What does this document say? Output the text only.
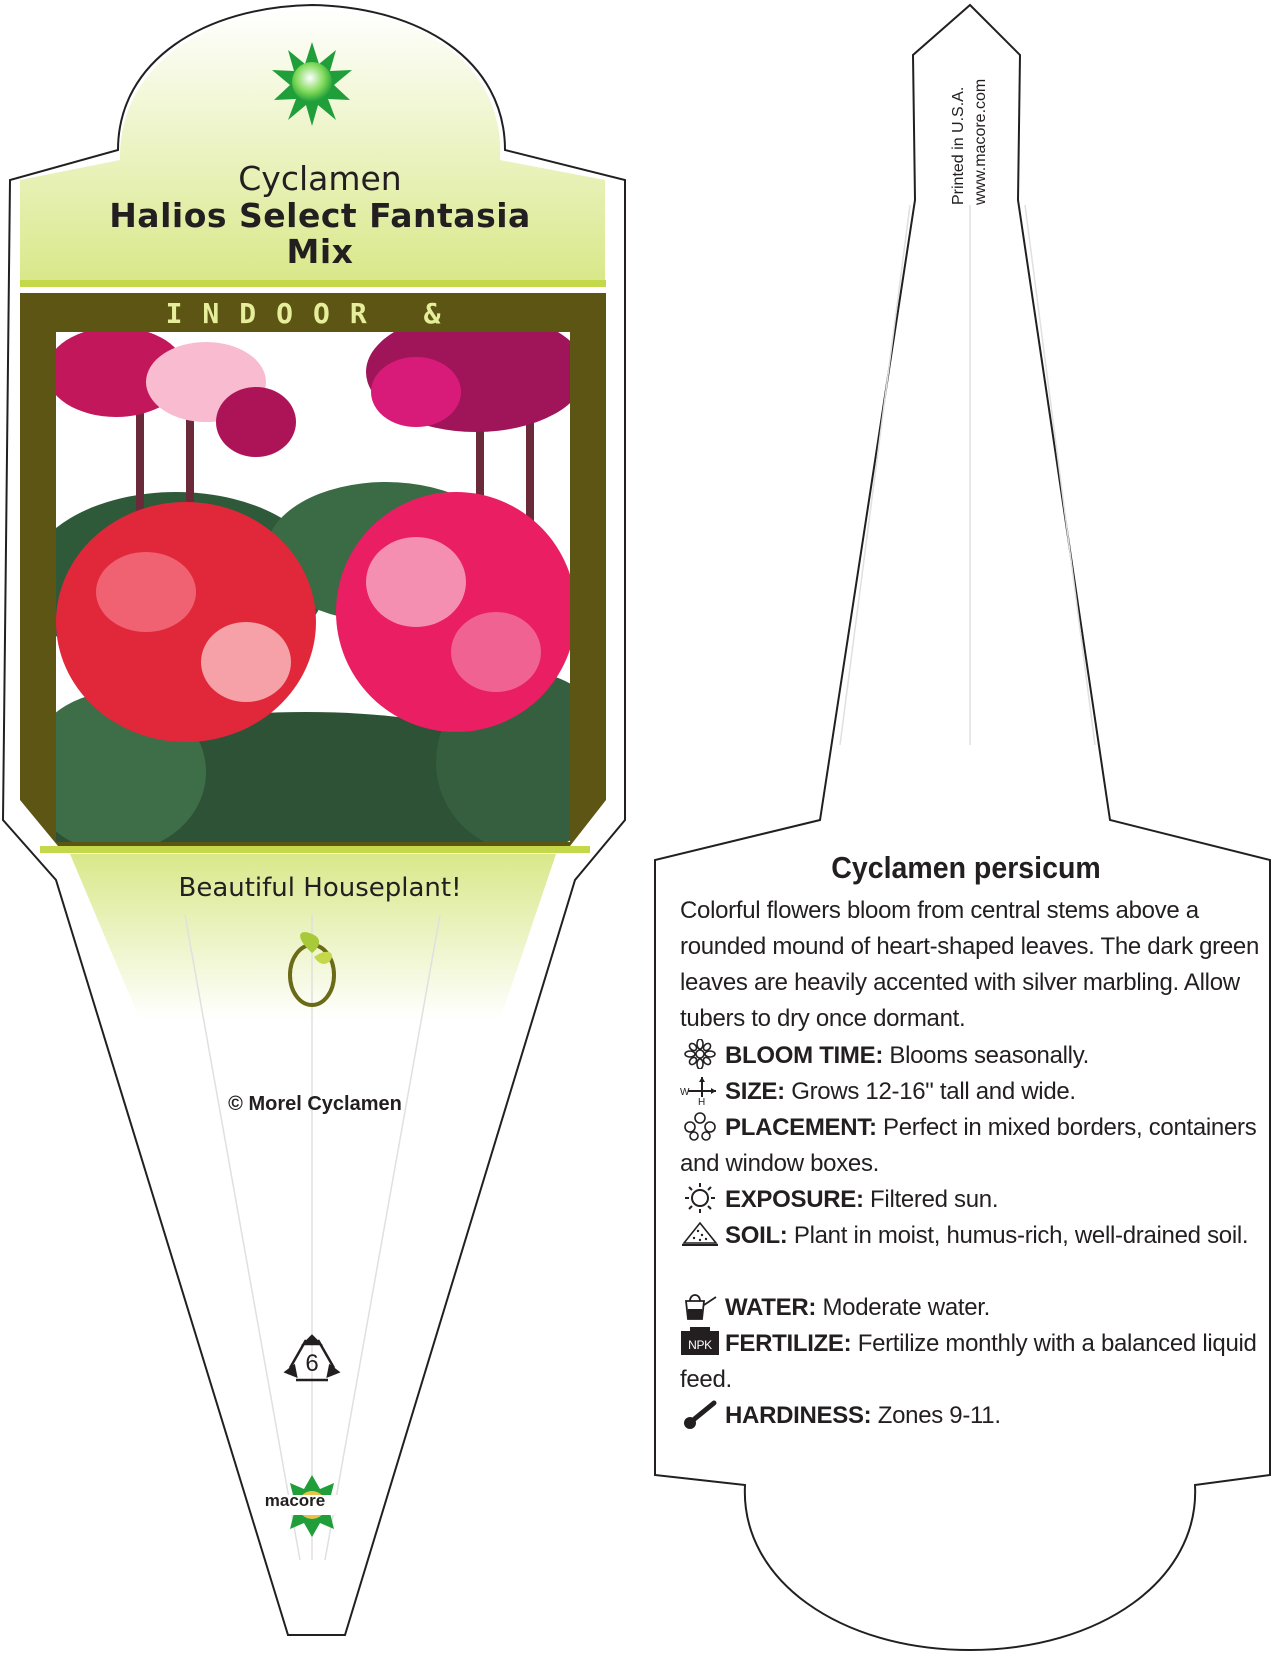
Cyclamen
Halios Select Fantasia
Mix
INDOOR &
Beautiful Houseplant!
© Morel Cyclamen
6
macore
Printed in U.S.A. www.macore.com
Cyclamen persicum
Colorful flowers bloom from central stems above a rounded mound of heart-shaped leaves. The dark green leaves are heavily accented with silver marbling. Allow tubers to dry once dormant.
BLOOM TIME: Blooms seasonally.
W
H SIZE: Grows 12-16" tall and wide.
PLACEMENT: Perfect in mixed borders, containers and window boxes.
EXPOSURE: Filtered sun.
SOIL: Plant in moist, humus-rich, well-drained soil.
WATER: Moderate water.
NPK FERTILIZE: Fertilize monthly with a balanced liquid feed.
HARDINESS: Zones 9-11.
